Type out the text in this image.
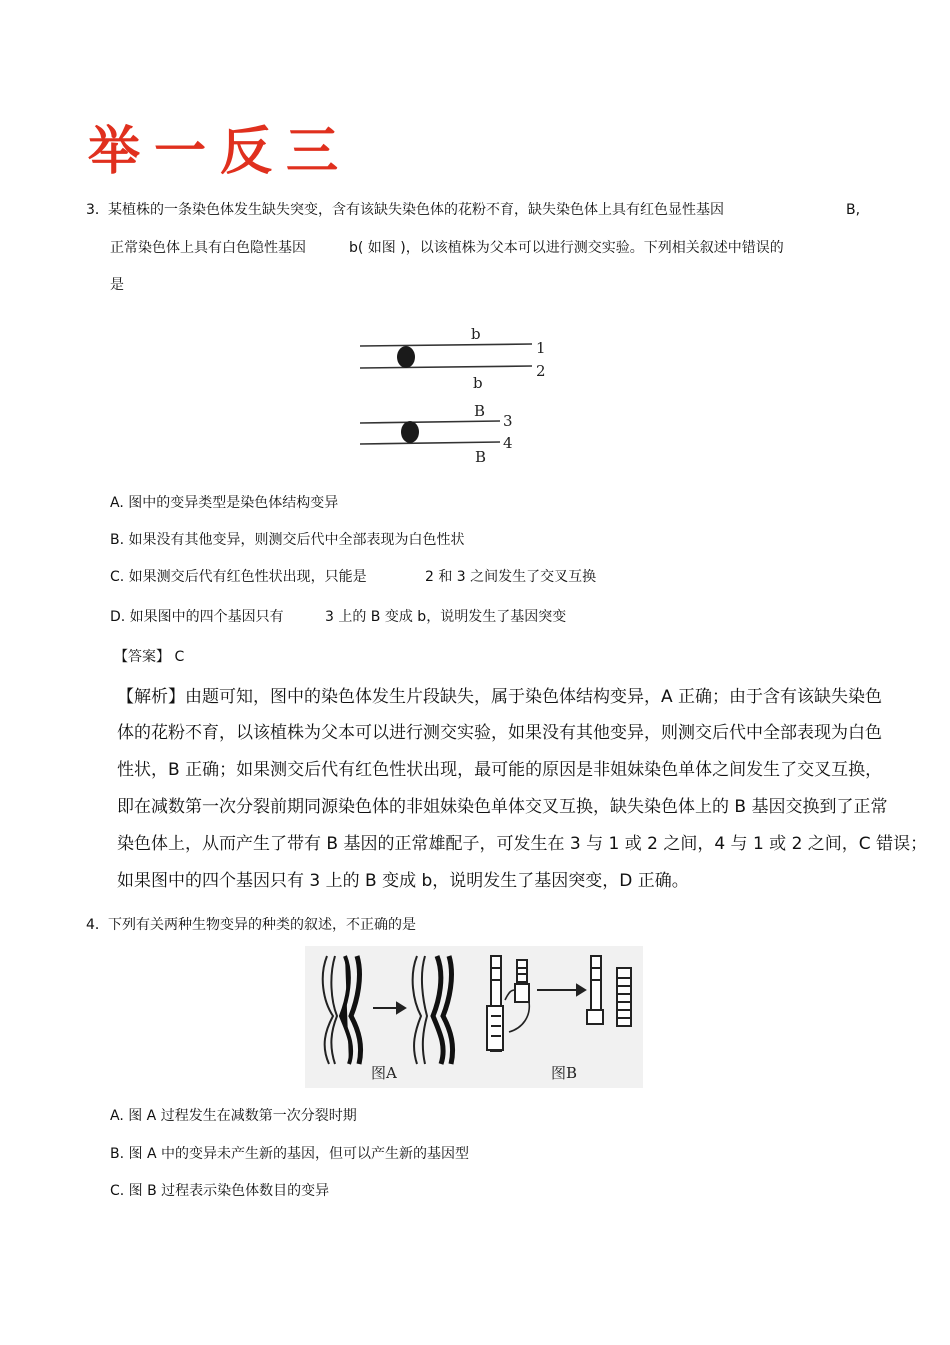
举一反三
3． 某植株的一条染色体发生缺失突变，含有该缺失染色体的花粉不育，缺失染色体上具有红色显性基因	B,
正常染色体上具有白色隐性基因	b( 如图 )，以该植株为父本可以进行测交实验。下列相关叙述中错误的
是
b
1
2
b
B
3
4
B
A. 图中的变异类型是染色体结构变异
B. 如果没有其他变异，则测交后代中全部表现为白色性状
C. 如果测交后代有红色性状出现，只能是	2 和 3 之间发生了交叉互换
D. 如果图中的四个基因只有	3 上的 B 变成 b，说明发生了基因突变
【答案】 C
【解析】由题可知，图中的染色体发生片段缺失，属于染色体结构变异，A 正确；由于含有该缺失染色
体的花粉不育，以该植株为父本可以进行测交实验，如果没有其他变异，则测交后代中全部表现为白色
性状，B 正确；如果测交后代有红色性状出现，最可能的原因是非姐妹染色单体之间发生了交叉互换，
即在减数第一次分裂前期同源染色体的非姐妹染色单体交叉互换，缺失染色体上的 B 基因交换到了正常
染色体上，从而产生了带有 B 基因的正常雄配子，可发生在 3 与 1 或 2 之间，4 与 1 或 2 之间，C 错误；
如果图中的四个基因只有 3 上的 B 变成 b，说明发生了基因突变，D 正确。
4． 下列有关两种生物变异的种类的叙述，不正确的是
图A	图B
A. 图 A 过程发生在减数第一次分裂时期
B. 图 A 中的变异未产生新的基因，但可以产生新的基因型
C. 图 B 过程表示染色体数目的变异
